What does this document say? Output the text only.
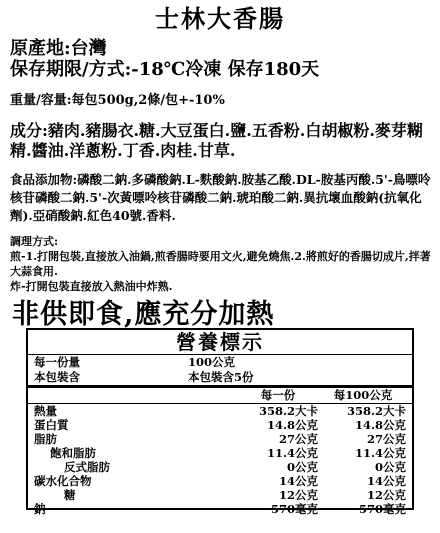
士林大香腸
原產地:台灣
保存期限/方式:-18℃冷凍 保存180天
重量/容量:每包500g,2條/包+-10%
成分:豬肉.豬腸衣.糖.大豆蛋白.鹽.五香粉.白胡椒粉.麥芽糊精.醬油.洋蔥粉.丁香.肉桂.甘草.
食品添加物:磷酸二鈉.多磷酸鈉.L-麩酸鈉.胺基乙酸.DL-胺基丙酸.5'-鳥嘌呤核苷磷酸二鈉.5'-次黃嘌呤核苷磷酸二鈉.琥珀酸二鈉.異抗壞血酸鈉(抗氧化劑).亞硝酸鈉.紅色40號.香料.
調理方式:
煎-1.打開包裝,直接放入油鍋,煎香腸時要用文火,避免燒焦.2.將煎好的香腸切成片,拌著大蒜食用.
炸-打開包裝直接放入熱油中炸熟.
非供即食,應充分加熱
營養標示
每一份量	100公克
本包裝含	本包裝含5份
每一份	每100公克
熱量	358.2大卡	358.2大卡
蛋白質	14.8公克	14.8公克
脂肪	27公克	27公克
飽和脂肪	11.4公克	11.4公克
反式脂肪	0公克	0公克
碳水化合物	14公克	14公克
糖	12公克	12公克
鈉	570毫克	570毫克
